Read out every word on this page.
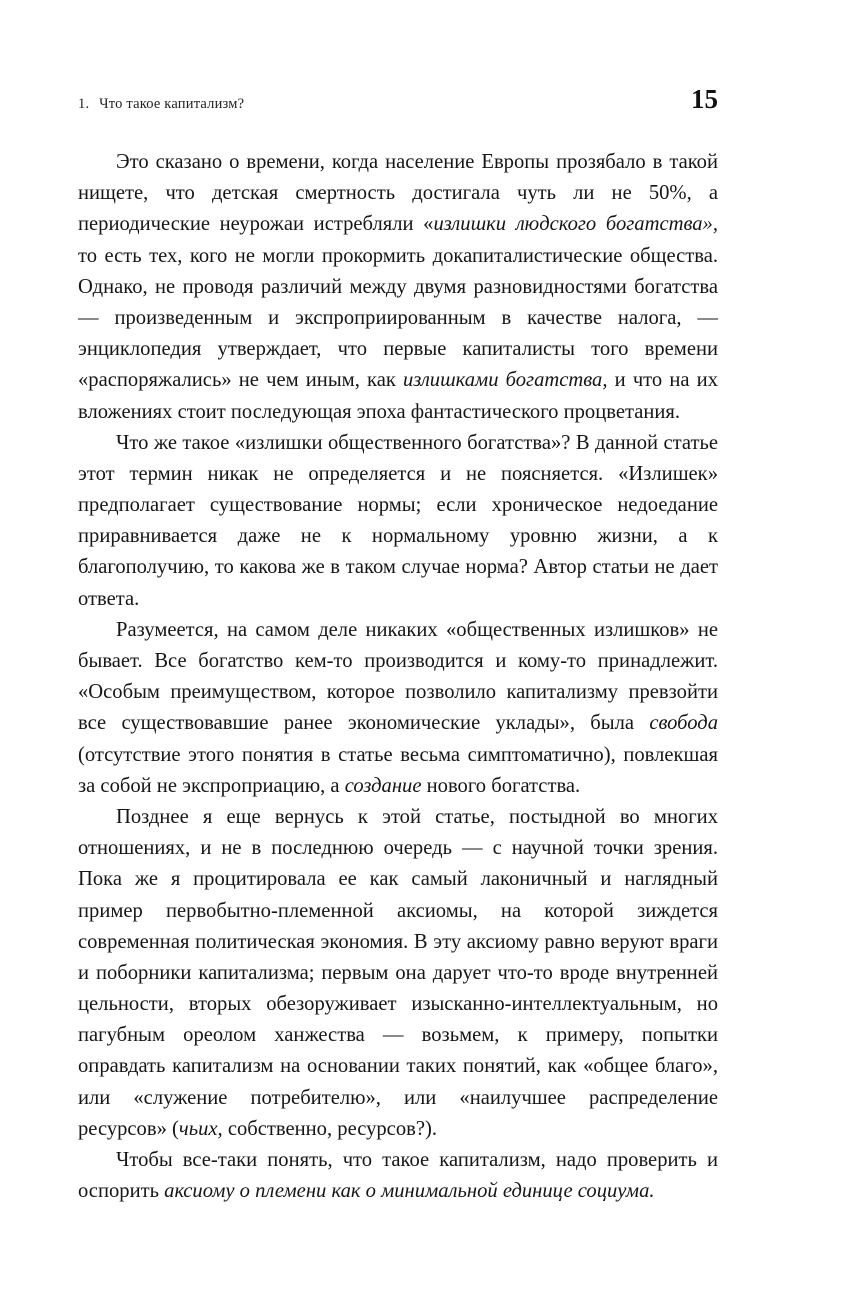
1. Что такое капитализм?	15

Это сказано о времени, когда население Европы прозябало в такой нищете, что детская смертность достигала чуть ли не 50%, а периодические неурожаи истребляли «излишки людского богатства», то есть тех, кого не могли прокормить докапиталистические общества. Однако, не проводя различий между двумя разновидностями богатства — произведенным и экспроприированным в качестве налога, — энциклопедия утверждает, что первые капиталисты того времени «распоряжались» не чем иным, как излишками богатства, и что на их вложениях стоит последующая эпоха фантастического процветания.

Что же такое «излишки общественного богатства»? В данной статье этот термин никак не определяется и не поясняется. «Излишек» предполагает существование нормы; если хроническое недоедание приравнивается даже не к нормальному уровню жизни, а к благополучию, то какова же в таком случае норма? Автор статьи не дает ответа.

Разумеется, на самом деле никаких «общественных излишков» не бывает. Все богатство кем-то производится и кому-то принадлежит. «Особым преимуществом, которое позволило капитализму превзойти все существовавшие ранее экономические уклады», была свобода (отсутствие этого понятия в статье весьма симптоматично), повлекшая за собой не экспроприацию, а создание нового богатства.

Позднее я еще вернусь к этой статье, постыдной во многих отношениях, и не в последнюю очередь — с научной точки зрения. Пока же я процитировала ее как самый лаконичный и наглядный пример первобытно-племенной аксиомы, на которой зиждется современная политическая экономия. В эту аксиому равно веруют враги и поборники капитализма; первым она дарует что-то вроде внутренней цельности, вторых обезоруживает изысканно-интеллектуальным, но пагубным ореолом ханжества — возьмем, к примеру, попытки оправдать капитализм на основании таких понятий, как «общее благо», или «служение потребителю», или «наилучшее распределение ресурсов» (чьих, собственно, ресурсов?).

Чтобы все-таки понять, что такое капитализм, надо проверить и оспорить аксиому о племени как о минимальной единице социума.
